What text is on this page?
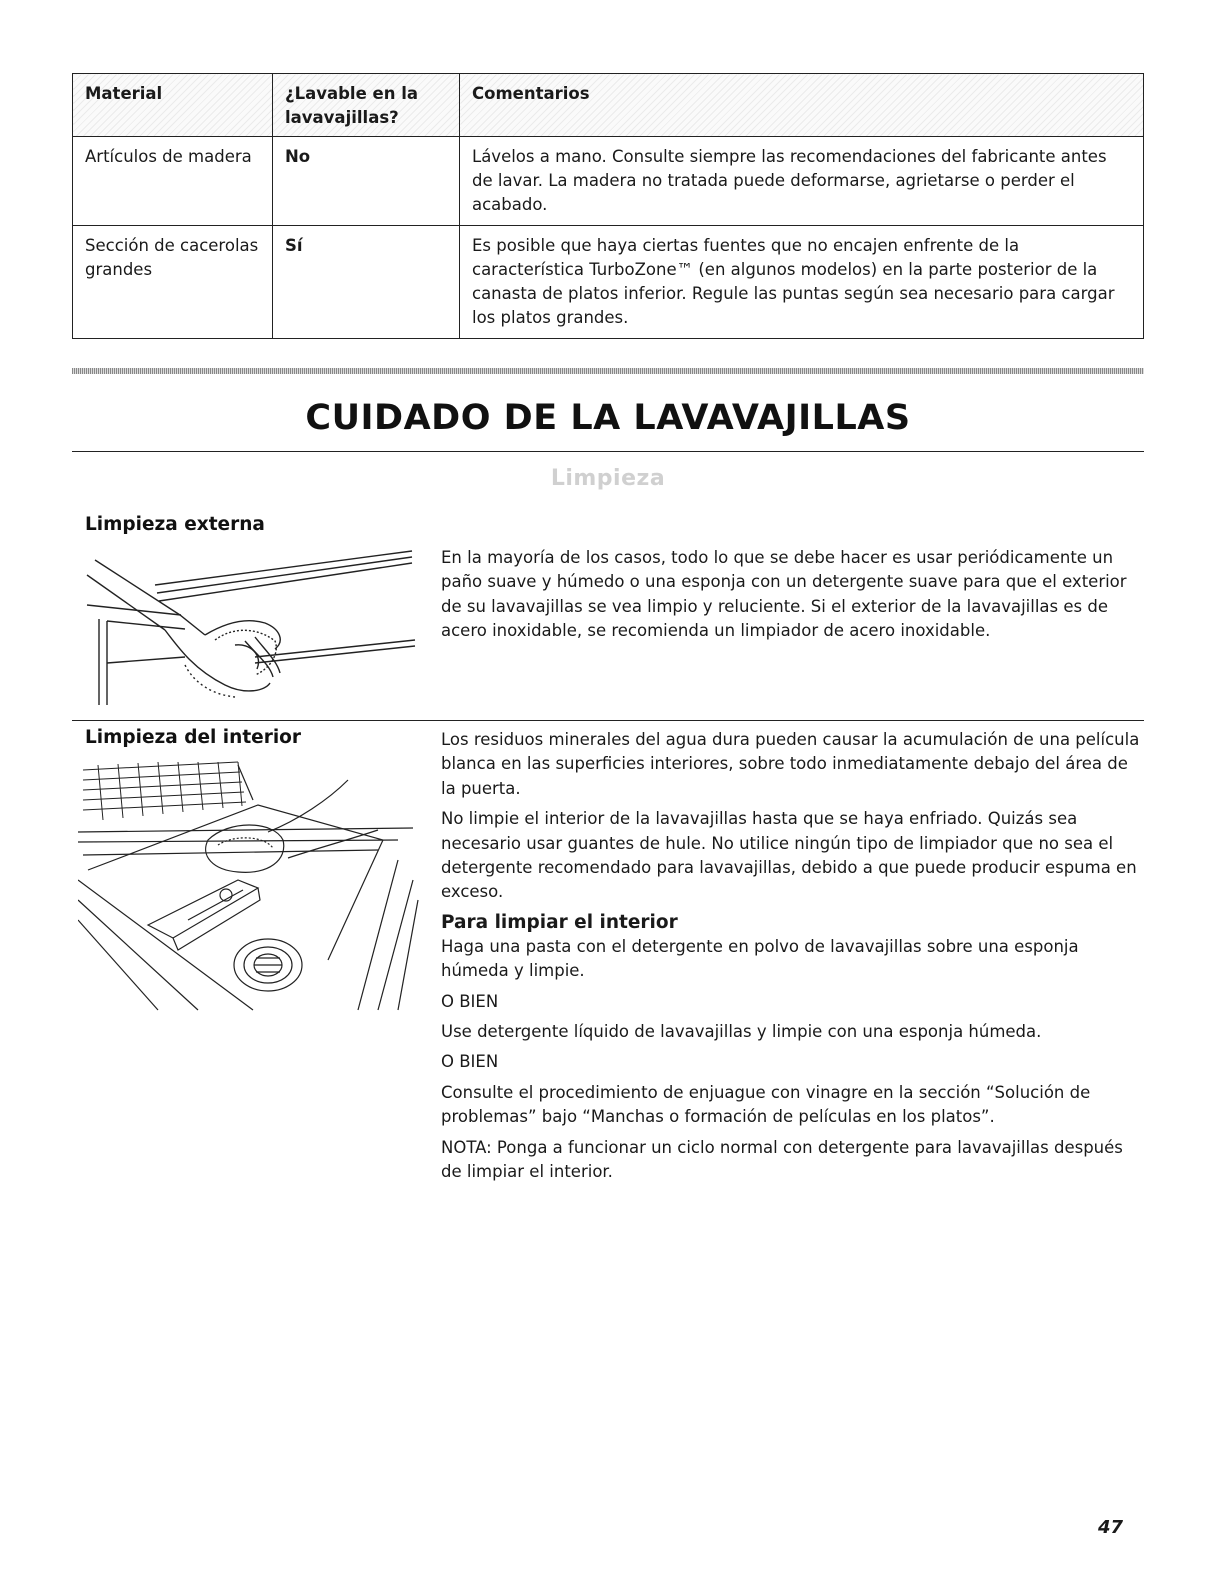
Material	¿Lavable en la lavavajillas?	Comentarios
Artículos de madera	No	Lávelos a mano. Consulte siempre las recomendaciones del fabricante antes de lavar. La madera no tratada puede deformarse, agrietarse o perder el acabado.
Sección de cacerolas grandes	Sí	Es posible que haya ciertas fuentes que no encajen enfrente de la característica TurboZone™ (en algunos modelos) en la parte posterior de la canasta de platos inferior. Regule las puntas según sea necesario para cargar los platos grandes.
CUIDADO DE LA LAVAVAJILLAS
Limpieza
Limpieza externa
En la mayoría de los casos, todo lo que se debe hacer es usar periódicamente un paño suave y húmedo o una esponja con un detergente suave para que el exterior de su lavavajillas se vea limpio y reluciente. Si el exterior de la lavavajillas es de acero inoxidable, se recomienda un limpiador de acero inoxidable.
Limpieza del interior	Los residuos minerales del agua dura pueden causar la acumulación de una película blanca en las superficies interiores, sobre todo inmediatamente debajo del área de la puerta.

No limpie el interior de la lavavajillas hasta que se haya enfriado. Quizás sea necesario usar guantes de hule. No utilice ningún tipo de limpiador que no sea el detergente recomendado para lavavajillas, debido a que puede producir espuma en exceso.

Para limpiar el interior

Haga una pasta con el detergente en polvo de lavavajillas sobre una esponja húmeda y limpie.

O BIEN

Use detergente líquido de lavavajillas y limpie con una esponja húmeda.

O BIEN

Consulte el procedimiento de enjuague con vinagre en la sección “Solución de problemas” bajo “Manchas o formación de películas en los platos”.

NOTA: Ponga a funcionar un ciclo normal con detergente para lavavajillas después de limpiar el interior.

47
